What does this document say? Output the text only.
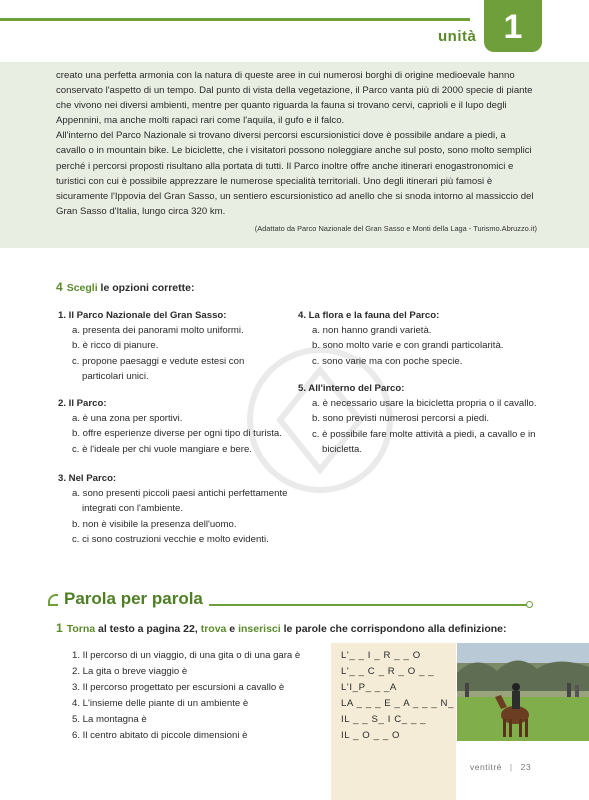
unità 1

creato una perfetta armonia con la natura di queste aree in cui numerosi borghi di origine medioevale hanno conservato l'aspetto di un tempo. Dal punto di vista della vegetazione, il Parco vanta più di 2000 specie di piante che vivono nei diversi ambienti, mentre per quanto riguarda la fauna si trovano cervi, caprioli e il lupo degli Appennini, ma anche molti rapaci rari come l'aquila, il gufo e il falco.

All'interno del Parco Nazionale si trovano diversi percorsi escursionistici dove è possibile andare a piedi, a cavallo o in mountain bike. Le biciclette, che i visitatori possono noleggiare anche sul posto, sono molto semplici perché i percorsi proposti risultano alla portata di tutti. Il Parco inoltre offre anche itinerari enogastronomici e turistici con cui è possibile apprezzare le numerose specialità territoriali. Uno degli itinerari più famosi è sicuramente l'Ippovia del Gran Sasso, un sentiero escursionistico ad anello che si snoda intorno al massiccio del Gran Sasso d'Italia, lungo circa 320 km.

(Adattato da Parco Nazionale del Gran Sasso e Monti della Laga - Turismo.Abruzzo.it)

4 Scegli le opzioni corrette:
1. Il Parco Nazionale del Gran Sasso:
a. presenta dei panorami molto uniformi.
b. è ricco di pianure.
c. propone paesaggi e vedute estesi con particolari unici.
2. Il Parco:
a. è una zona per sportivi.
b. offre esperienze diverse per ogni tipo di turista.
c. è l'ideale per chi vuole mangiare e bere.
3. Nel Parco:
a. sono presenti piccoli paesi antichi perfettamente integrati con l'ambiente.
b. non è visibile la presenza dell'uomo.
c. ci sono costruzioni vecchie e molto evidenti.
4. La flora e la fauna del Parco:
a. non hanno grandi varietà.
b. sono molto varie e con grandi particolarità.
c. sono varie ma con poche specie.
5. All'interno del Parco:
a. è necessario usare la bicicletta propria o il cavallo.
b. sono previsti numerosi percorsi a piedi.
c. è possibile fare molte attività a piedi, a cavallo e in bicicletta.
Parola per parola
1 Torna al testo a pagina 22, trova e inserisci le parole che corrispondono alla definizione:
1. Il percorso di un viaggio, di una gita o di una gara è
2. La gita o breve viaggio è
3. Il percorso progettato per escursioni a cavallo è
4. L'insieme delle piante di un ambiente è
5. La montagna è
6. Il centro abitato di piccole dimensioni è
L'_ _ I _ R _ _ O
L'_ _ C _ R _ O _ _
L'I_P_ _ _A
LA _ _ _ E _ A _ _ _ N_
IL _ _ S_ I C_ _ _
IL _ O _ _ O
ventitré | 23
